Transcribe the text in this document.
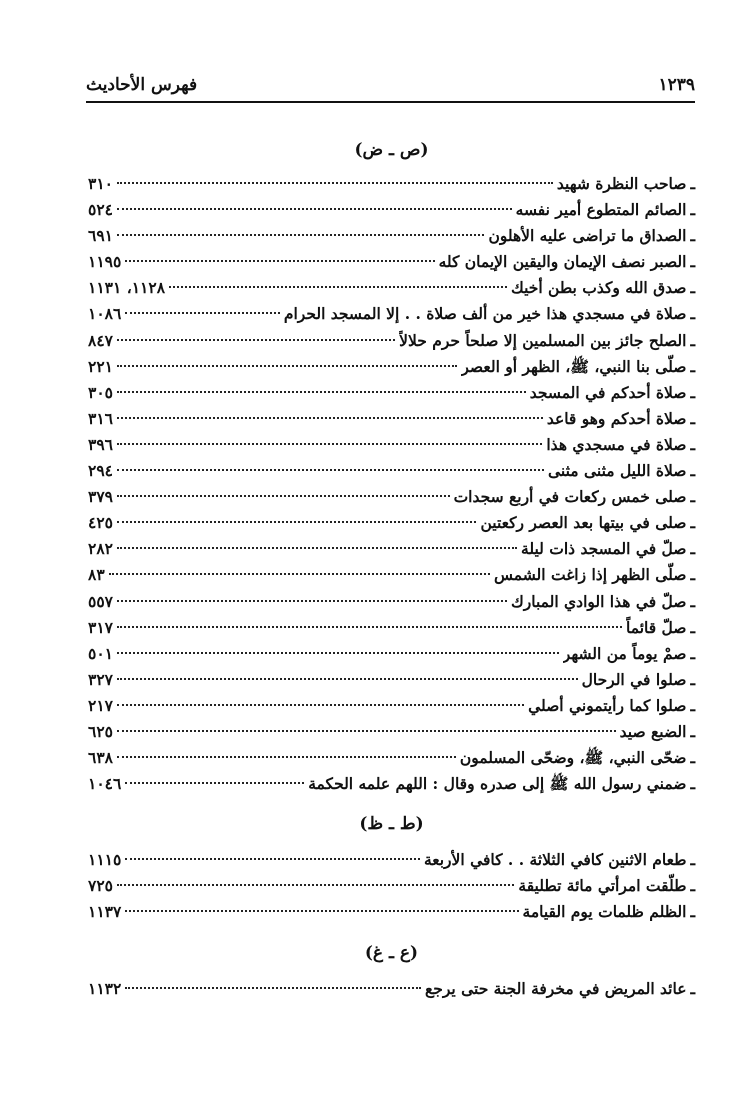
١٢٣٩
فهرس الأحاديث
(ص ـ ض)
ـ
صاحب النظرة شهيد
٣١٠
ـ
الصائم المتطوع أمير نفسه
٥٢٤
ـ
الصداق ما تراضى عليه الأهلون
٦٩١
ـ
الصبر نصف الإيمان واليقين الإيمان كله
١١٩٥
ـ
صدق الله وكذب بطن أخيك
١١٢٨، ١١٣١
ـ
صلاة في مسجدي هذا خير من ألف صلاة . . إلا المسجد الحرام
١٠٨٦
ـ
الصلح جائز بين المسلمين إلا صلحاً حرم حلالاً
٨٤٧
ـ
صلّى بنا النبي، ﷺ، الظهر أو العصر
٢٢١
ـ
صلاة أحدكم في المسجد
٣٠٥
ـ
صلاة أحدكم وهو قاعد
٣١٦
ـ
صلاة في مسجدي هذا
٣٩٦
ـ
صلاة الليل مثنى مثنى
٢٩٤
ـ
صلى خمس ركعات في أربع سجدات
٣٧٩
ـ
صلى في بيتها بعد العصر ركعتين
٤٢٥
ـ
صلّ في المسجد ذات ليلة
٢٨٢
ـ
صلّى الظهر إذا زاغت الشمس
٨٣
ـ
صلّ في هذا الوادي المبارك
٥٥٧
ـ
صلّ قائماً
٣١٧
ـ
صمْ يوماً من الشهر
٥٠١
ـ
صلوا في الرحال
٣٢٧
ـ
صلوا كما رأيتموني أصلي
٢١٧
ـ
الضبع صيد
٦٢٥
ـ
ضحّى النبي، ﷺ، وضحّى المسلمون
٦٣٨
ـ
ضمني رسول الله ﷺ إلى صدره وقال : اللهم علمه الحكمة
١٠٤٦
(ط ـ ظ)
ـ
طعام الاثنين كافي الثلاثة . . كافي الأربعة
١١١٥
ـ
طلّقت امرأتي مائة تطليقة
٧٢٥
ـ
الظلم ظلمات يوم القيامة
١١٣٧
(ع ـ غ)
ـ
عائد المريض في مخرفة الجنة حتى يرجع
١١٣٢
